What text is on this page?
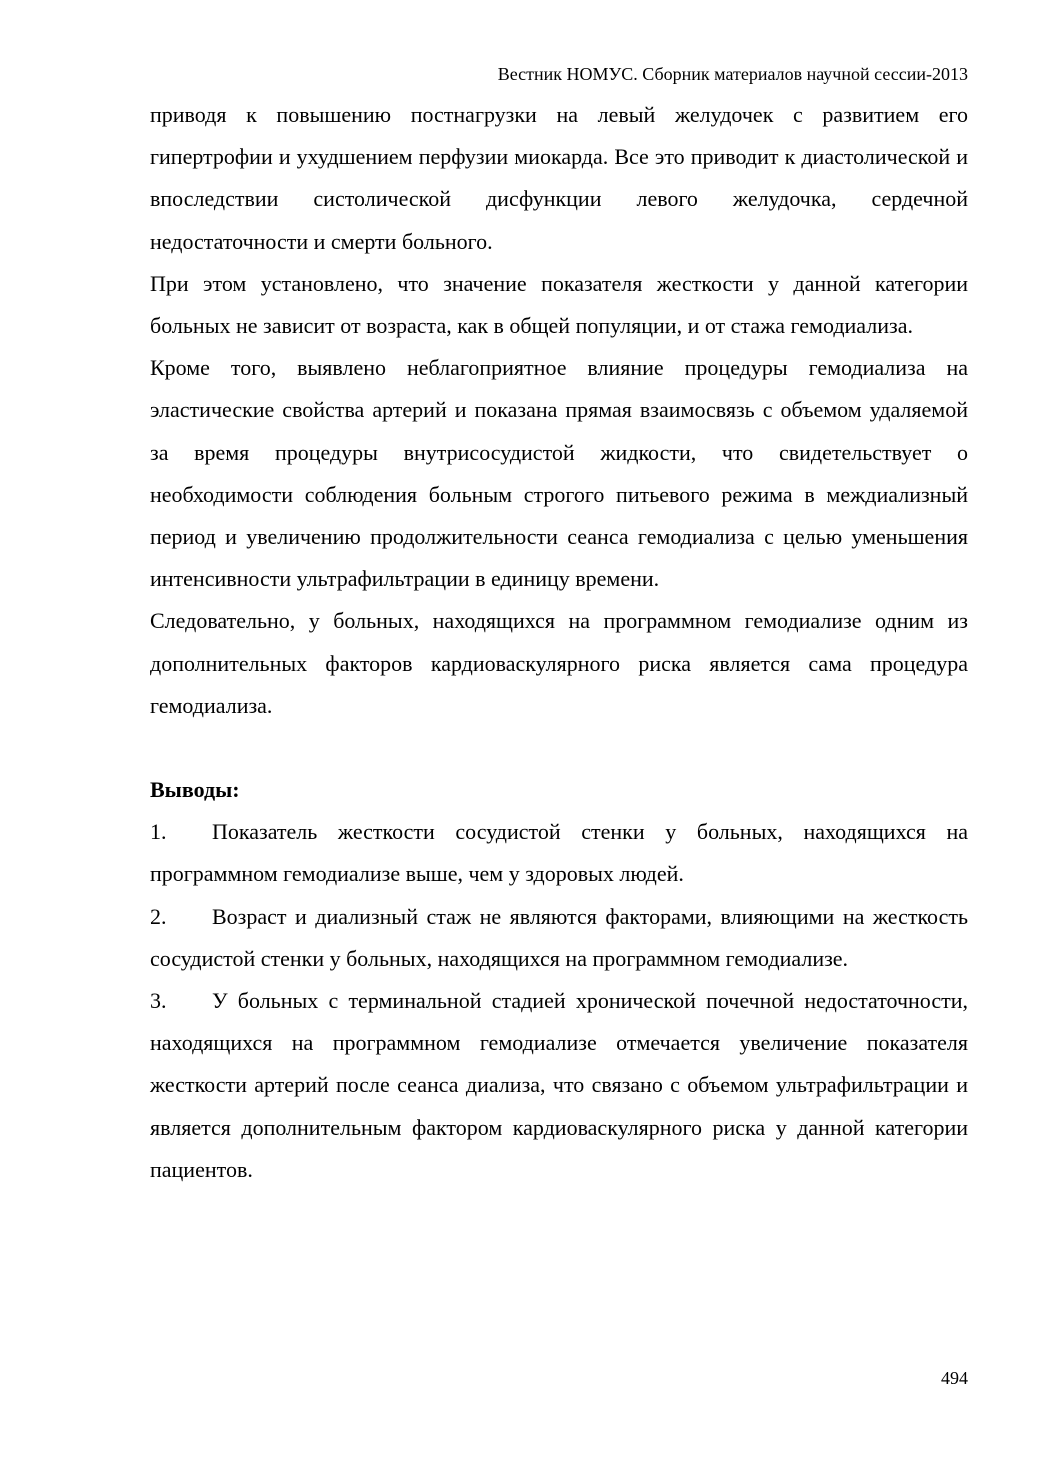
Вестник НОМУС. Сборник материалов научной сессии-2013

приводя к повышению постнагрузки на левый желудочек с развитием его гипертрофии и ухудшением перфузии миокарда. Все это приводит к диастолической и впоследствии систолической дисфункции левого желудочка, сердечной недостаточности и смерти больного.

При этом установлено, что значение показателя жесткости у данной категории больных не зависит от возраста, как в общей популяции, и от стажа гемодиализа.

Кроме того, выявлено неблагоприятное влияние процедуры гемодиализа на эластические свойства артерий и показана прямая взаимосвязь с объемом удаляемой за время процедуры внутрисосудистой жидкости, что свидетельствует о необходимости соблюдения больным строгого питьевого режима в междиализный период и увеличению продолжительности сеанса гемодиализа с целью уменьшения интенсивности ультрафильтрации в единицу времени.

Следовательно, у больных, находящихся на программном гемодиализе одним из дополнительных факторов кардиоваскулярного риска является сама процедура гемодиализа.

Выводы:

1. Показатель жесткости сосудистой стенки у больных, находящихся на программном гемодиализе выше, чем у здоровых людей.

2. Возраст и диализный стаж не являются факторами, влияющими на жесткость сосудистой стенки у больных, находящихся на программном гемодиализе.

3. У больных с терминальной стадией хронической почечной недостаточности, находящихся на программном гемодиализе отмечается увеличение показателя жесткости артерий после сеанса диализа, что связано с объемом ультрафильтрации и является дополнительным фактором кардиоваскулярного риска у данной категории пациентов.

494
